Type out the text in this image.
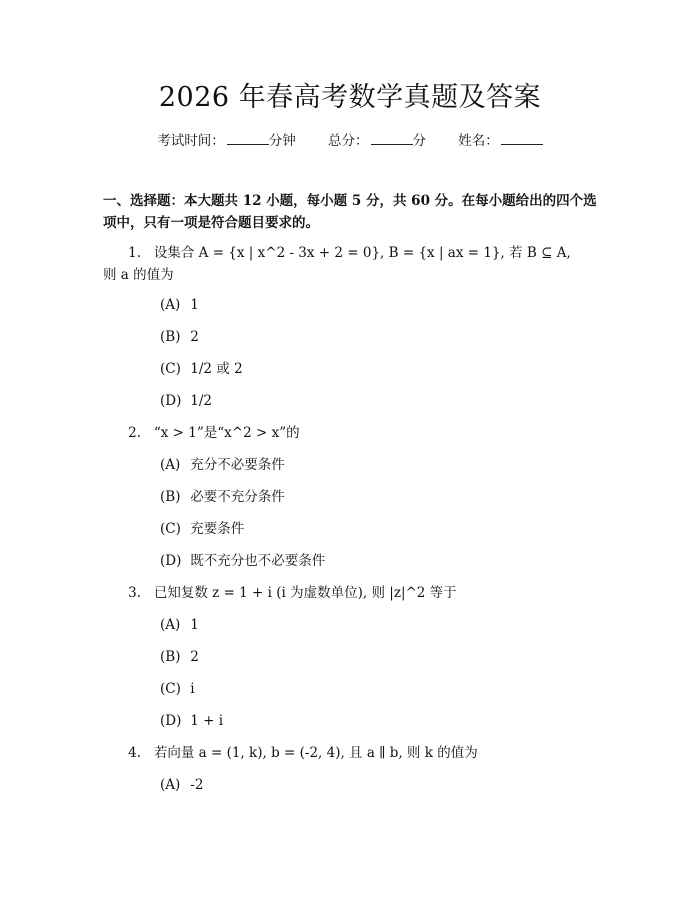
2026 年春高考数学真题及答案
考试时间：	分钟 总分：	分 姓名：
一、选择题：本大题共 12 小题，每小题 5 分，共 60 分。在每小题给出的四个选项中，只有一项是符合题目要求的。
1. 设集合 A = {x | x^2 - 3x + 2 = 0}, B = {x | ax = 1}, 若 B ⊆ A,
则 a 的值为
(A) 1
(B) 2
(C) 1/2 或 2
(D) 1/2
2. “x > 1”是“x^2 > x”的
(A) 充分不必要条件
(B) 必要不充分条件
(C) 充要条件
(D) 既不充分也不必要条件
3. 已知复数 z = 1 + i (i 为虚数单位), 则 |z|^2 等于
(A) 1
(B) 2
(C) i
(D) 1 + i
4. 若向量 a = (1, k), b = (-2, 4), 且 a ∥ b, 则 k 的值为
(A) -2
